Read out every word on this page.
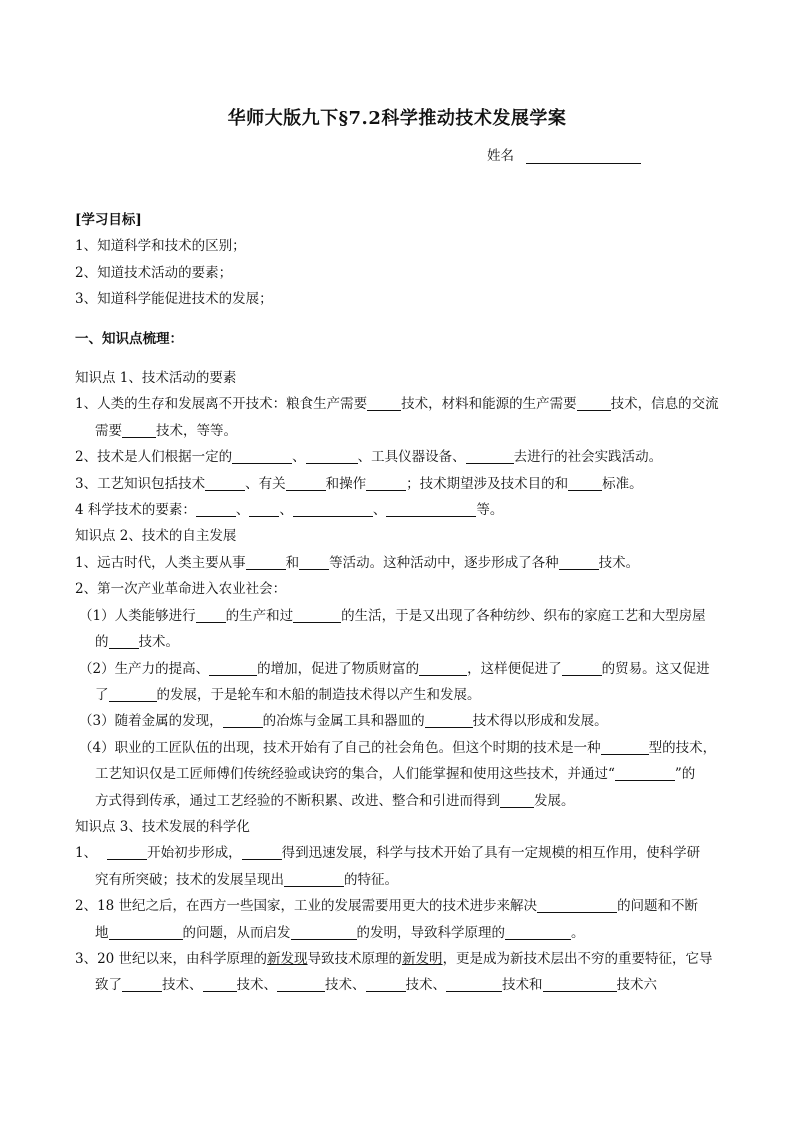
华师大版九下§7.2科学推动技术发展学案
姓名
[学习目标]
1、知道科学和技术的区别；
2、知道技术活动的要素；
3、知道科学能促进技术的发展；
一、知识点梳理：
知识点 1、技术活动的要素
1、人类的生存和发展离不开技术：粮食生产需要	技术，材料和能源的生产需要	技术，信息的交流
需要	技术，等等。
2、技术是人们根据一定的	、	、工具仪器设备、	去进行的社会实践活动。
3、工艺知识包括技术	、有关	和操作	；技术期望涉及技术目的和	标准。
4 科学技术的要素：	、 、	、	等。
知识点 2、技术的自主发展
1、远古时代，人类主要从事	和 等活动。这种活动中，逐步形成了各种	技术。
2、第一次产业革命进入农业社会：
（1）人类能够进行 的生产和过	的生活，于是又出现了各种纺纱、织布的家庭工艺和大型房屋
的 技术。
（2）生产力的提高、	的增加，促进了物质财富的	，这样便促进了	的贸易。这又促进
了	的发展，于是轮车和木船的制造技术得以产生和发展。
（3）随着金属的发现，	的冶炼与金属工具和器皿的	技术得以形成和发展。
（4）职业的工匠队伍的出现，技术开始有了自己的社会角色。但这个时期的技术是一种	型的技术，
工艺知识仅是工匠师傅们传统经验或诀窍的集合，人们能掌握和使用这些技术，并通过“	”的
方式得到传承，通过工艺经验的不断积累、改进、整合和引进而得到	发展。
知识点 3、技术发展的科学化
1、	开始初步形成，	得到迅速发展，科学与技术开始了具有一定规模的相互作用，使科学研
究有所突破；技术的发展呈现出	的特征。
2、18 世纪之后，在西方一些国家，工业的发展需要用更大的技术进步来解决	的问题和不断
地	的问题，从而启发	的发明，导致科学原理的	。
3、20 世纪以来，由科学原理的新发现导致技术原理的新发明，更是成为新技术层出不穷的重要特征，它导
致了	技术、	技术、	技术、	技术、	技术和	技术六
